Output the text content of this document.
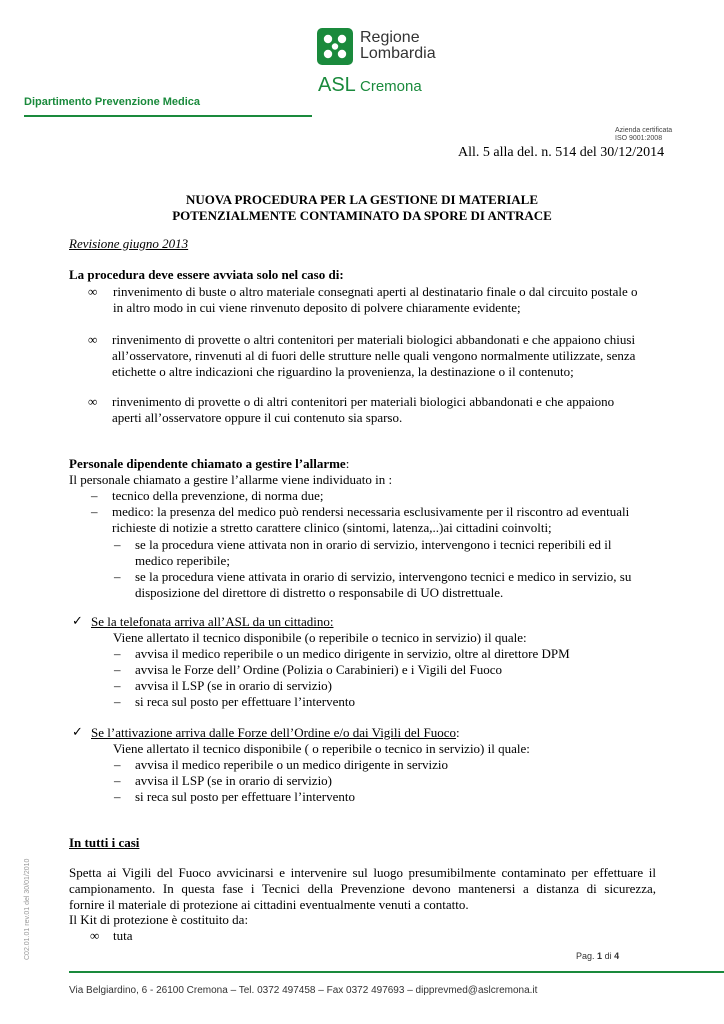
Regione
Lombardia
ASL Cremona
Dipartimento Prevenzione Medica
Azienda certificata
ISO 9001:2008
All. 5 alla del. n. 514 del 30/12/2014
NUOVA PROCEDURA PER LA GESTIONE DI MATERIALE
POTENZIALMENTE CONTAMINATO DA SPORE DI ANTRACE
Revisione giugno 2013
La procedura deve essere avviata solo nel caso di:
∞ rinvenimento di buste o altro materiale consegnati aperti al destinatario finale o dal circuito postale o
in altro modo in cui viene rinvenuto deposito di polvere chiaramente evidente;
∞ rinvenimento di provette o altri contenitori per materiali biologici abbandonati e che appaiono chiusi
all’osservatore, rinvenuti al di fuori delle strutture nelle quali vengono normalmente utilizzate, senza
etichette o altre indicazioni che riguardino la provenienza, la destinazione o il contenuto;
∞ rinvenimento di provette o di altri contenitori per materiali biologici abbandonati e che appaiono
aperti all’osservatore oppure il cui contenuto sia sparso.
Personale dipendente chiamato a gestire l’allarme:
Il personale chiamato a gestire l’allarme viene individuato in :
– tecnico della prevenzione, di norma due;
– medico: la presenza del medico può rendersi necessaria esclusivamente per il riscontro ad eventuali
richieste di notizie a stretto carattere clinico (sintomi, latenza,..)ai cittadini coinvolti;
– se la procedura viene attivata non in orario di servizio, intervengono i tecnici reperibili ed il
medico reperibile;
– se la procedura viene attivata in orario di servizio, intervengono tecnici e medico in servizio, su
disposizione del direttore di distretto o responsabile di UO distrettuale.
✓ Se la telefonata arriva all’ASL da un cittadino:
Viene allertato il tecnico disponibile (o reperibile o tecnico in servizio) il quale:
– avvisa il medico reperibile o un medico dirigente in servizio, oltre al direttore DPM
– avvisa le Forze dell’ Ordine (Polizia o Carabinieri) e i Vigili del Fuoco
– avvisa il LSP (se in orario di servizio)
– si reca sul posto per effettuare l’intervento
✓ Se l’attivazione arriva dalle Forze dell’Ordine e/o dai Vigili del Fuoco:
Viene allertato il tecnico disponibile ( o reperibile o tecnico in servizio) il quale:
– avvisa il medico reperibile o un medico dirigente in servizio
– avvisa il LSP (se in orario di servizio)
– si reca sul posto per effettuare l’intervento
In tutti i casi
Spetta ai Vigili del Fuoco avvicinarsi e intervenire sul luogo presumibilmente contaminato per effettuare il
campionamento. In questa fase i Tecnici della Prevenzione devono mantenersi a distanza di sicurezza,
fornire il materiale di protezione ai cittadini eventualmente venuti a contatto.
Il Kit di protezione è costituito da:
∞ tuta
C02.01.01 rev.01 del 30/01/2010	Pag. 1 di 4
Via Belgiardino, 6 - 26100 Cremona – Tel. 0372 497458 – Fax 0372 497693 – dipprevmed@aslcremona.it
